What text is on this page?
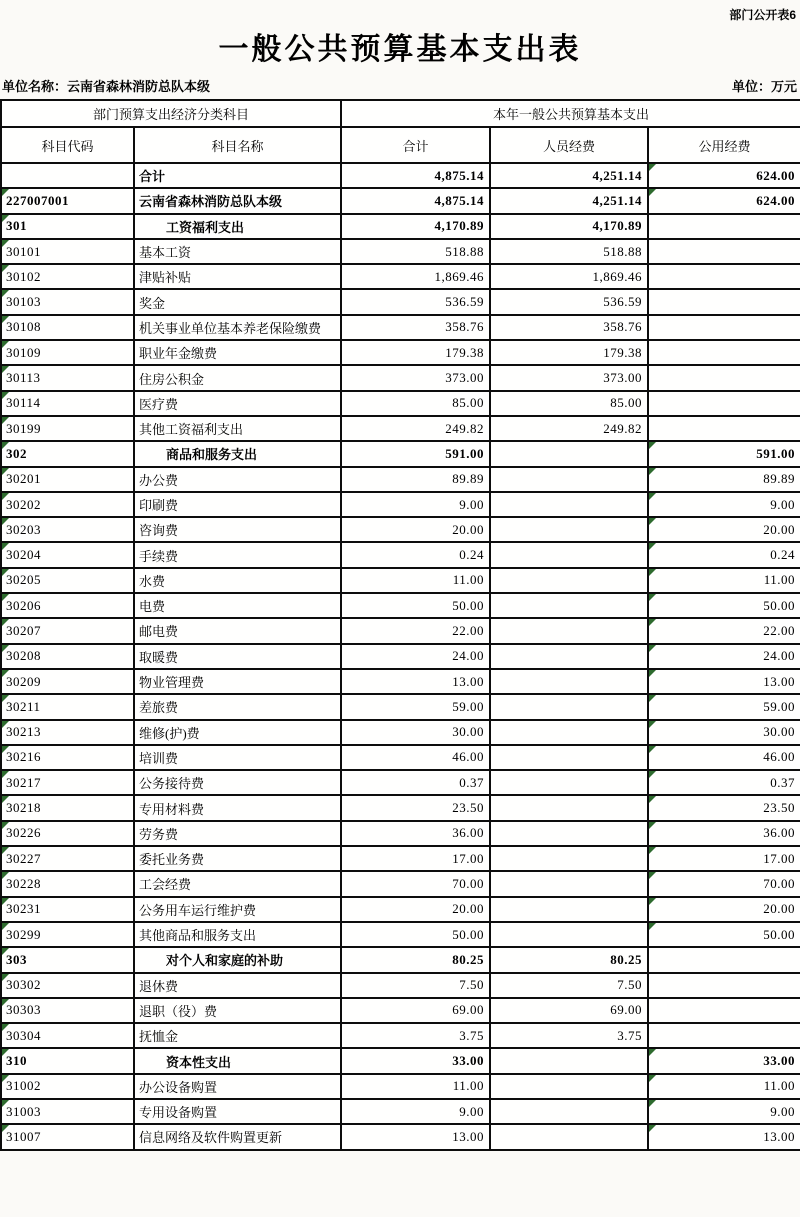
部门公开表6
一般公共预算基本支出表
单位名称：云南省森林消防总队本级	单位：万元
部门预算支出经济分类科目		本年一般公共预算基本支出		
科目代码	科目名称	合计	人员经费	公用经费
	合计	4,875.14	4,251.14	624.00

227007001	云南省森林消防总队本级	4,875.14	4,251.14	624.00

301	工资福利支出	4,170.89	4,170.89	

30101	基本工资	518.88	518.88	

30102	津贴补贴	1,869.46	1,869.46	

30103	奖金	536.59	536.59	

30108	机关事业单位基本养老保险缴费	358.76	358.76	

30109	职业年金缴费	179.38	179.38	

30113	住房公积金	373.00	373.00	

30114	医疗费	85.00	85.00	

30199	其他工资福利支出	249.82	249.82	

302	商品和服务支出	591.00		591.00

30201	办公费	89.89		89.89

30202	印刷费	9.00		9.00

30203	咨询费	20.00		20.00

30204	手续费	0.24		0.24

30205	水费	11.00		11.00

30206	电费	50.00		50.00

30207	邮电费	22.00		22.00

30208	取暖费	24.00		24.00

30209	物业管理费	13.00		13.00

30211	差旅费	59.00		59.00

30213	维修(护)费	30.00		30.00

30216	培训费	46.00		46.00

30217	公务接待费	0.37		0.37

30218	专用材料费	23.50		23.50

30226	劳务费	36.00		36.00

30227	委托业务费	17.00		17.00

30228	工会经费	70.00		70.00

30231	公务用车运行维护费	20.00		20.00

30299	其他商品和服务支出	50.00		50.00

303	对个人和家庭的补助	80.25	80.25	

30302	退休费	7.50	7.50	

30303	退职（役）费	69.00	69.00	

30304	抚恤金	3.75	3.75	

310	资本性支出	33.00		33.00

31002	办公设备购置	11.00		11.00

31003	专用设备购置	9.00		9.00

31007	信息网络及软件购置更新	13.00		13.00
